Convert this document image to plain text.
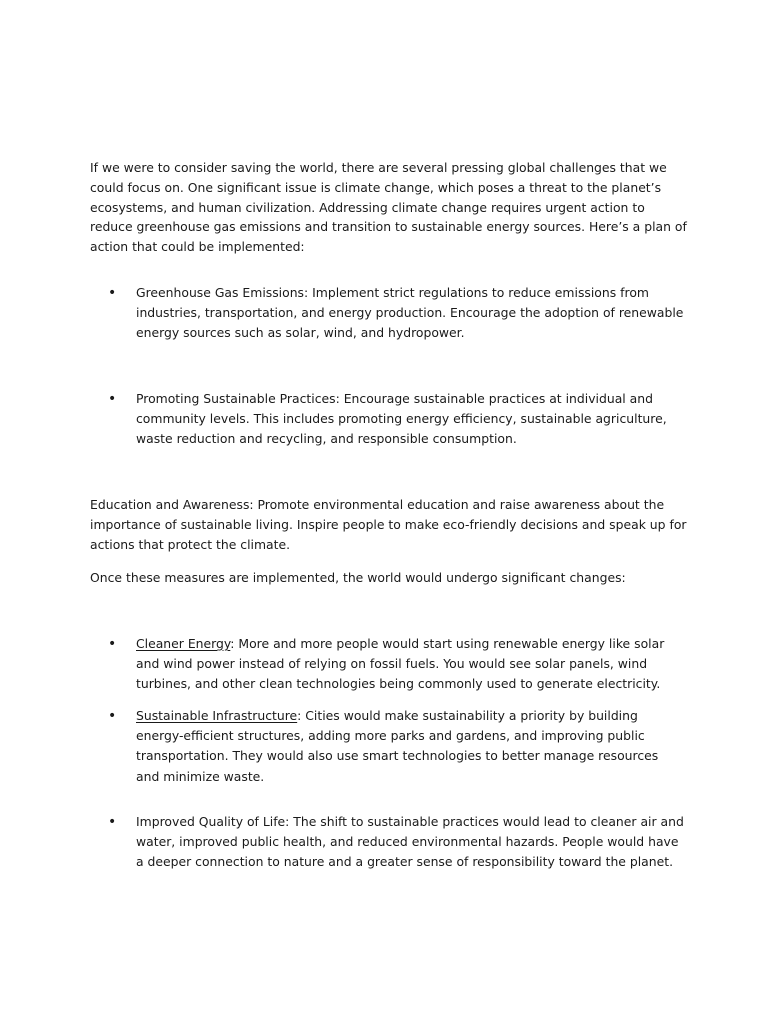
If we were to consider saving the world, there are several pressing global challenges that we could focus on. One significant issue is climate change, which poses a threat to the planet’s ecosystems, and human civilization. Addressing climate change requires urgent action to reduce greenhouse gas emissions and transition to sustainable energy sources. Here’s a plan of action that could be implemented:

•	Greenhouse Gas Emissions: Implement strict regulations to reduce emissions from industries, transportation, and energy production. Encourage the adoption of renewable energy sources such as solar, wind, and hydropower.

•	Promoting Sustainable Practices: Encourage sustainable practices at individual and community levels. This includes promoting energy efficiency, sustainable agriculture, waste reduction and recycling, and responsible consumption.

Education and Awareness: Promote environmental education and raise awareness about the importance of sustainable living. Inspire people to make eco-friendly decisions and speak up for actions that protect the climate.

Once these measures are implemented, the world would undergo significant changes:

•	Cleaner Energy: More and more people would start using renewable energy like solar and wind power instead of relying on fossil fuels. You would see solar panels, wind turbines, and other clean technologies being commonly used to generate electricity.

•	Sustainable Infrastructure: Cities would make sustainability a priority by building energy-efficient structures, adding more parks and gardens, and improving public transportation. They would also use smart technologies to better manage resources and minimize waste.

•	Improved Quality of Life: The shift to sustainable practices would lead to cleaner air and water, improved public health, and reduced environmental hazards. People would have a deeper connection to nature and a greater sense of responsibility toward the planet.
